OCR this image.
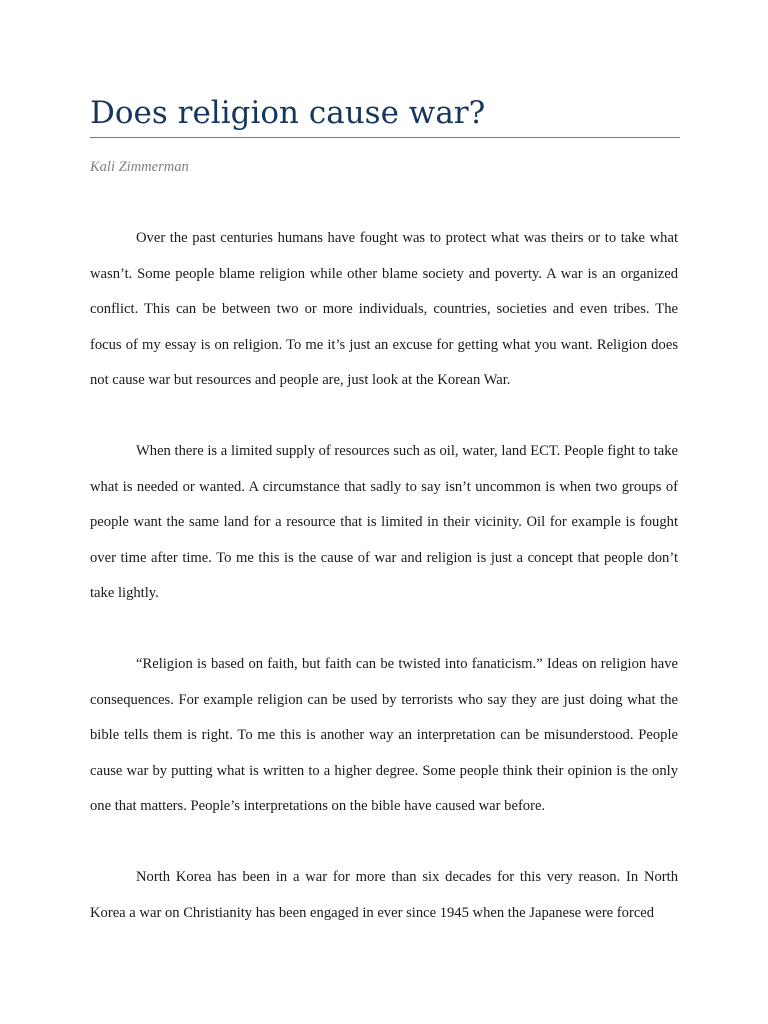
Does religion cause war?

Kali Zimmerman

Over the past centuries humans have fought was to protect what was theirs or to take what wasn’t. Some people blame religion while other blame society and poverty. A war is an organized conflict. This can be between two or more individuals, countries, societies and even tribes. The focus of my essay is on religion. To me it’s just an excuse for getting what you want. Religion does not cause war but resources and people are, just look at the Korean War.

When there is a limited supply of resources such as oil, water, land ECT. People fight to take what is needed or wanted. A circumstance that sadly to say isn’t uncommon is when two groups of people want the same land for a resource that is limited in their vicinity. Oil for example is fought over time after time. To me this is the cause of war and religion is just a concept that people don’t take lightly.

“Religion is based on faith, but faith can be twisted into fanaticism.” Ideas on religion have consequences. For example religion can be used by terrorists who say they are just doing what the bible tells them is right. To me this is another way an interpretation can be misunderstood. People cause war by putting what is written to a higher degree. Some people think their opinion is the only one that matters. People’s interpretations on the bible have caused war before.

North Korea has been in a war for more than six decades for this very reason. In North Korea a war on Christianity has been engaged in ever since 1945 when the Japanese were forced
